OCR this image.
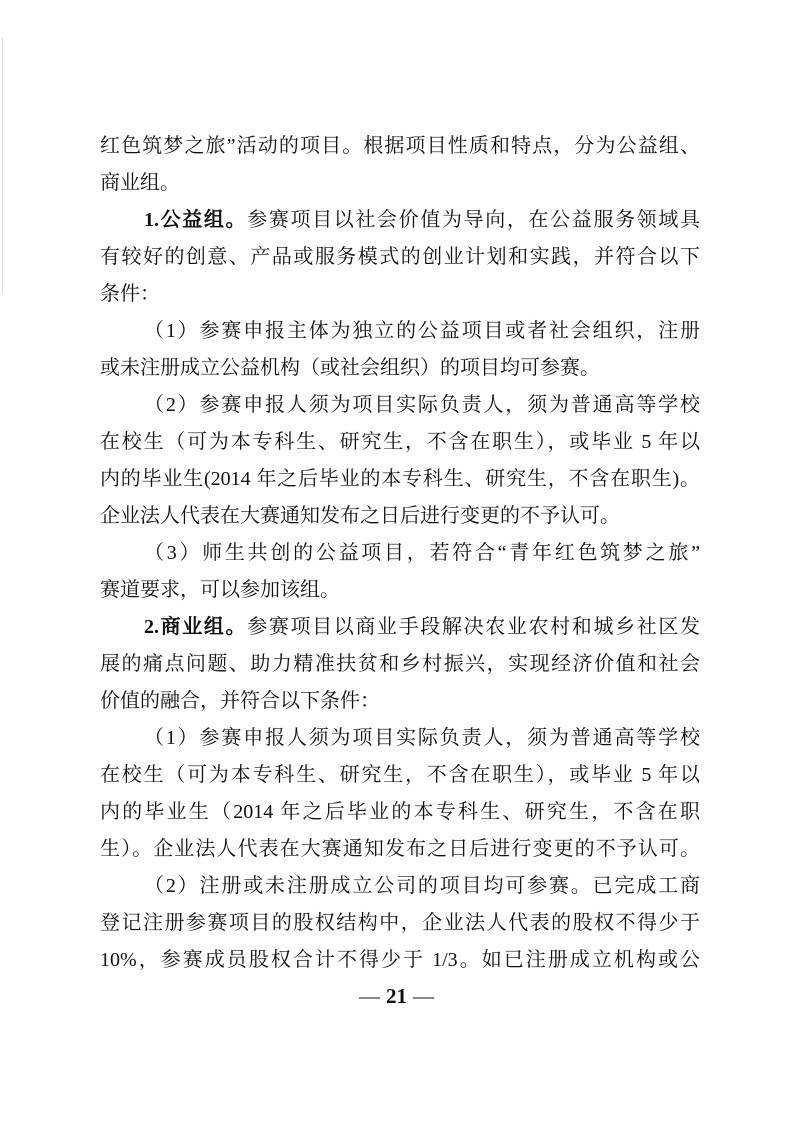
红色筑梦之旅”活动的项目。根据项目性质和特点，分为公益组、
商业组。
1.公益组。参赛项目以社会价值为导向，在公益服务领域具
有较好的创意、产品或服务模式的创业计划和实践，并符合以下
条件：
（1）参赛申报主体为独立的公益项目或者社会组织，注册
或未注册成立公益机构（或社会组织）的项目均可参赛。
（2）参赛申报人须为项目实际负责人，须为普通高等学校
在校生（可为本专科生、研究生，不含在职生），或毕业 5 年以
内的毕业生(2014 年之后毕业的本专科生、研究生，不含在职生)。
企业法人代表在大赛通知发布之日后进行变更的不予认可。
（3）师生共创的公益项目，若符合“青年红色筑梦之旅”
赛道要求，可以参加该组。
2.商业组。参赛项目以商业手段解决农业农村和城乡社区发
展的痛点问题、助力精准扶贫和乡村振兴，实现经济价值和社会
价值的融合，并符合以下条件：
（1）参赛申报人须为项目实际负责人，须为普通高等学校
在校生（可为本专科生、研究生，不含在职生），或毕业 5 年以
内的毕业生（2014 年之后毕业的本专科生、研究生，不含在职
生）。企业法人代表在大赛通知发布之日后进行变更的不予认可。
（2）注册或未注册成立公司的项目均可参赛。已完成工商
登记注册参赛项目的股权结构中，企业法人代表的股权不得少于
10%，参赛成员股权合计不得少于 1/3。如已注册成立机构或公
— 21 —
